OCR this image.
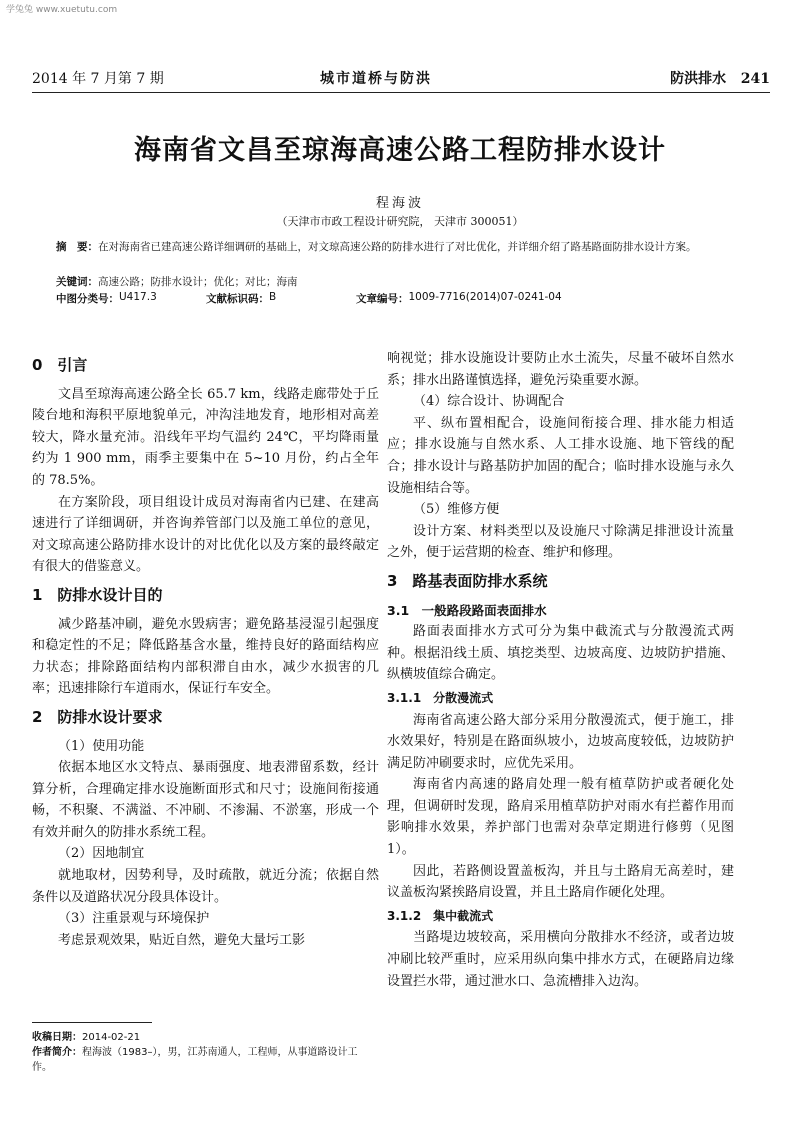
学兔兔 www.xuetutu.com
2014 年 7 月第 7 期	城市道桥与防洪	防洪排水 241
海南省文昌至琼海高速公路工程防排水设计
程海波
（天津市市政工程设计研究院， 天津市 300051）
摘　要：在对海南省已建高速公路详细调研的基础上，对文琼高速公路的防排水进行了对比优化，并详细介绍了路基路面防排水设计方案。
关键词：高速公路；防排水设计；优化；对比；海南
中图分类号： U417.3	文献标识码： B	文章编号： 1009-7716(2014)07-0241-04
0　引言

文昌至琼海高速公路全长 65.7 km，线路走廊带处于丘陵台地和海积平原地貌单元，冲沟洼地发育，地形相对高差较大，降水量充沛。沿线年平均气温约 24℃，平均降雨量约为 1 900 mm，雨季主要集中在 5~10 月份，约占全年的 78.5%。

在方案阶段，项目组设计成员对海南省内已建、在建高速进行了详细调研，并咨询养管部门以及施工单位的意见，对文琼高速公路防排水设计的对比优化以及方案的最终敲定有很大的借鉴意义。

1　防排水设计目的

减少路基冲刷，避免水毁病害；避免路基浸湿引起强度和稳定性的不足；降低路基含水量，维持良好的路面结构应力状态；排除路面结构内部积滞自由水，减少水损害的几率；迅速排除行车道雨水，保证行车安全。

2　防排水设计要求

（1）使用功能

依据本地区水文特点、暴雨强度、地表滞留系数，经计算分析，合理确定排水设施断面形式和尺寸；设施间衔接通畅，不积聚、不满溢、不冲刷、不渗漏、不淤塞，形成一个有效并耐久的防排水系统工程。

（2）因地制宜

就地取材，因势利导，及时疏散，就近分流；依据自然条件以及道路状况分段具体设计。

（3）注重景观与环境保护

考虑景观效果，贴近自然，避免大量圬工影

响视觉；排水设施设计要防止水土流失，尽量不破坏自然水系；排水出路谨慎选择，避免污染重要水源。

（4）综合设计、协调配合

平、纵布置相配合，设施间衔接合理、排水能力相适应；排水设施与自然水系、人工排水设施、地下管线的配合；排水设计与路基防护加固的配合；临时排水设施与永久设施相结合等。

（5）维修方便

设计方案、材料类型以及设施尺寸除满足排泄设计流量之外，便于运营期的检查、维护和修理。

3　路基表面防排水系统
3.1　一般路段路面表面排水

路面表面排水方式可分为集中截流式与分散漫流式两种。根据沿线土质、填挖类型、边坡高度、边坡防护措施、纵横坡值综合确定。

3.1.1　分散漫流式

海南省高速公路大部分采用分散漫流式，便于施工，排水效果好，特别是在路面纵坡小，边坡高度较低，边坡防护满足防冲刷要求时，应优先采用。

海南省内高速的路肩处理一般有植草防护或者硬化处理，但调研时发现，路肩采用植草防护对雨水有拦蓄作用而影响排水效果，养护部门也需对杂草定期进行修剪（见图 1）。

因此，若路侧设置盖板沟，并且与土路肩无高差时，建议盖板沟紧挨路肩设置，并且土路肩作硬化处理。

3.1.2　集中截流式

当路堤边坡较高，采用横向分散排水不经济，或者边坡冲刷比较严重时，应采用纵向集中排水方式，在硬路肩边缘设置拦水带，通过泄水口、急流槽排入边沟。

收稿日期：2014-02-21
作者简介：程海波（1983–），男，江苏南通人，工程师，从事道路设计工作。
